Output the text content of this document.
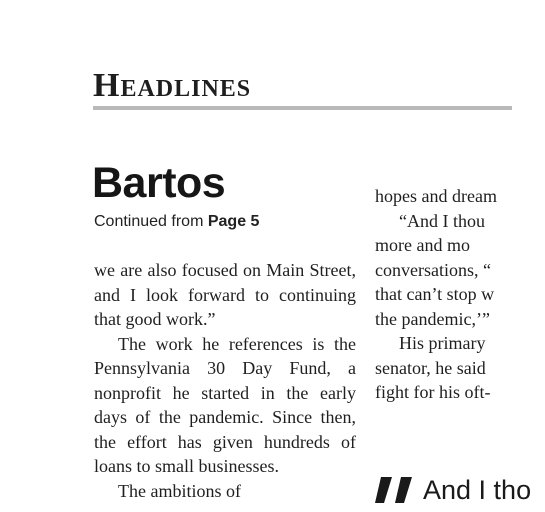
Headlines
Bartos
Continued from Page 5

we are also focused on Main Street, and I look forward to continuing that good work.”

The work he references is the Pennsylvania 30 Day Fund, a nonprofit he started in the early days of the pandemic. Since then, the effort has given hundreds of loans to small businesses.

The ambitions of

hopes and dream
“And I thou
more and mo
conversations, “
that can’t stop w
the pandemic,’”
His primary
senator, he said
fight for his oft-
And I tho
